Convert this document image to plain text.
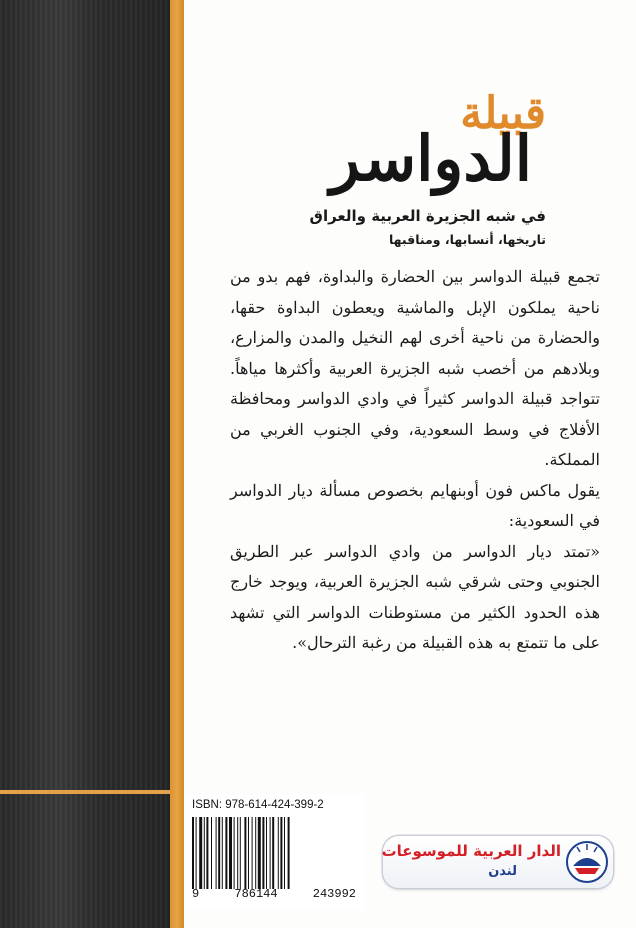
قبيلة
الدواسر
في شبه الجزيرة العربية والعراق
تاريخها، أنسابها، ومناقبها

تجمع قبيلة الدواسر بين الحضارة والبداوة، فهم بدو من ناحية يملكون الإبل والماشية ويعطون البداوة حقها، والحضارة من ناحية أخرى لهم النخيل والمدن والمزارع، وبلادهم من أخصب شبه الجزيرة العربية وأكثرها مياهاً. تتواجد قبيلة الدواسر كثيراً في وادي الدواسر ومحافظة الأفلاج في وسط السعودية، وفي الجنوب الغربي من المملكة.

يقول ماكس فون أوبنهايم بخصوص مسألة ديار الدواسر في السعودية:

«تمتد ديار الدواسر من وادي الدواسر عبر الطريق الجنوبي وحتى شرقي شبه الجزيرة العربية، ويوجد خارج هذه الحدود الكثير من مستوطنات الدواسر التي تشهد على ما تتمتع به هذه القبيلة من رغبة الترحال».

ISBN: 978-614-424-399-2
9	786144	243992
الدار العربية للموسوعات
لندن
